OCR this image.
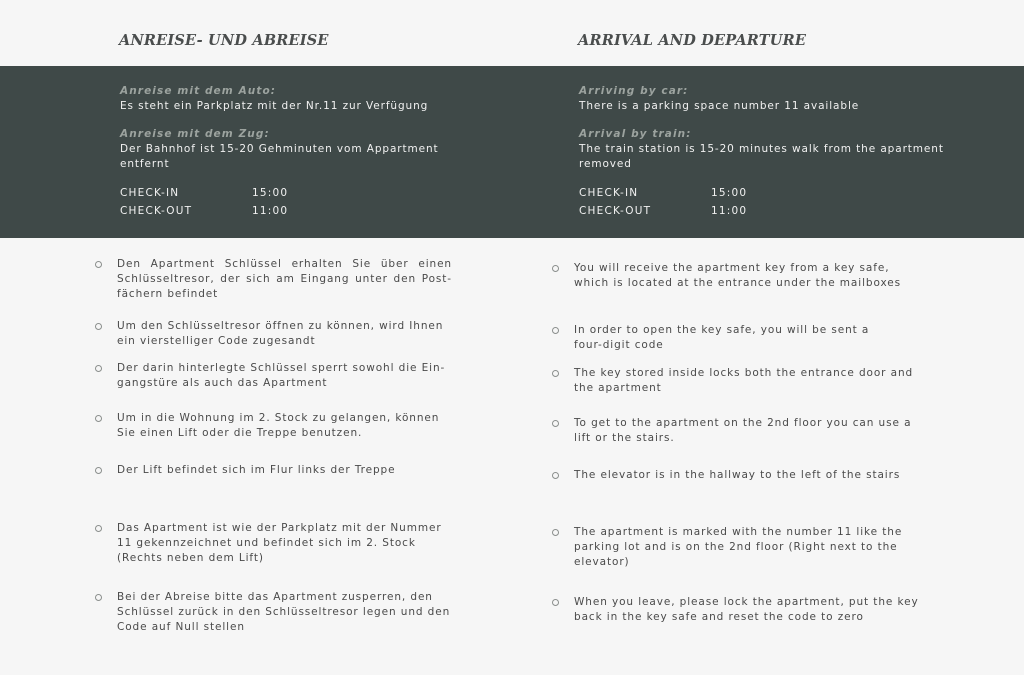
ANREISE- UND ABREISE	ARRIVAL AND DEPARTURE
Anreise mit dem Auto:
Es steht ein Parkplatz mit der Nr.11 zur Verfügung
Anreise mit dem Zug:
Der Bahnhof ist 15-20 Gehminuten vom Appartment entfernt
CHECK-IN	15:00
CHECK-OUT	11:00
Arriving by car:
There is a parking space number 11 available
Arrival by train:
The train station is 15-20 minutes walk from the apartment removed
CHECK-IN	15:00
CHECK-OUT	11:00
Den Apartment Schlüssel erhalten Sie über einen Schlüsseltresor, der sich am Eingang unter den Post-fächern befindet
Um den Schlüsseltresor öffnen zu können, wird Ihnen ein vierstelliger Code zugesandt
Der darin hinterlegte Schlüssel sperrt sowohl die Ein-gangstüre als auch das Apartment
Um in die Wohnung im 2. Stock zu gelangen, können Sie einen Lift oder die Treppe benutzen.
Der Lift befindet sich im Flur links der Treppe
Das Apartment ist wie der Parkplatz mit der Nummer 11 gekennzeichnet und befindet sich im 2. Stock (Rechts neben dem Lift)
Bei der Abreise bitte das Apartment zusperren, den Schlüssel zurück in den Schlüsseltresor legen und den Code auf Null stellen
You will receive the apartment key from a key safe, which is located at the entrance under the mailboxes
In order to open the key safe, you will be sent a four-digit code
The key stored inside locks both the entrance door and the apartment
To get to the apartment on the 2nd floor you can use a lift or the stairs.
The elevator is in the hallway to the left of the stairs
The apartment is marked with the number 11 like the parking lot and is on the 2nd floor (Right next to the elevator)
When you leave, please lock the apartment, put the key back in the key safe and reset the code to zero
